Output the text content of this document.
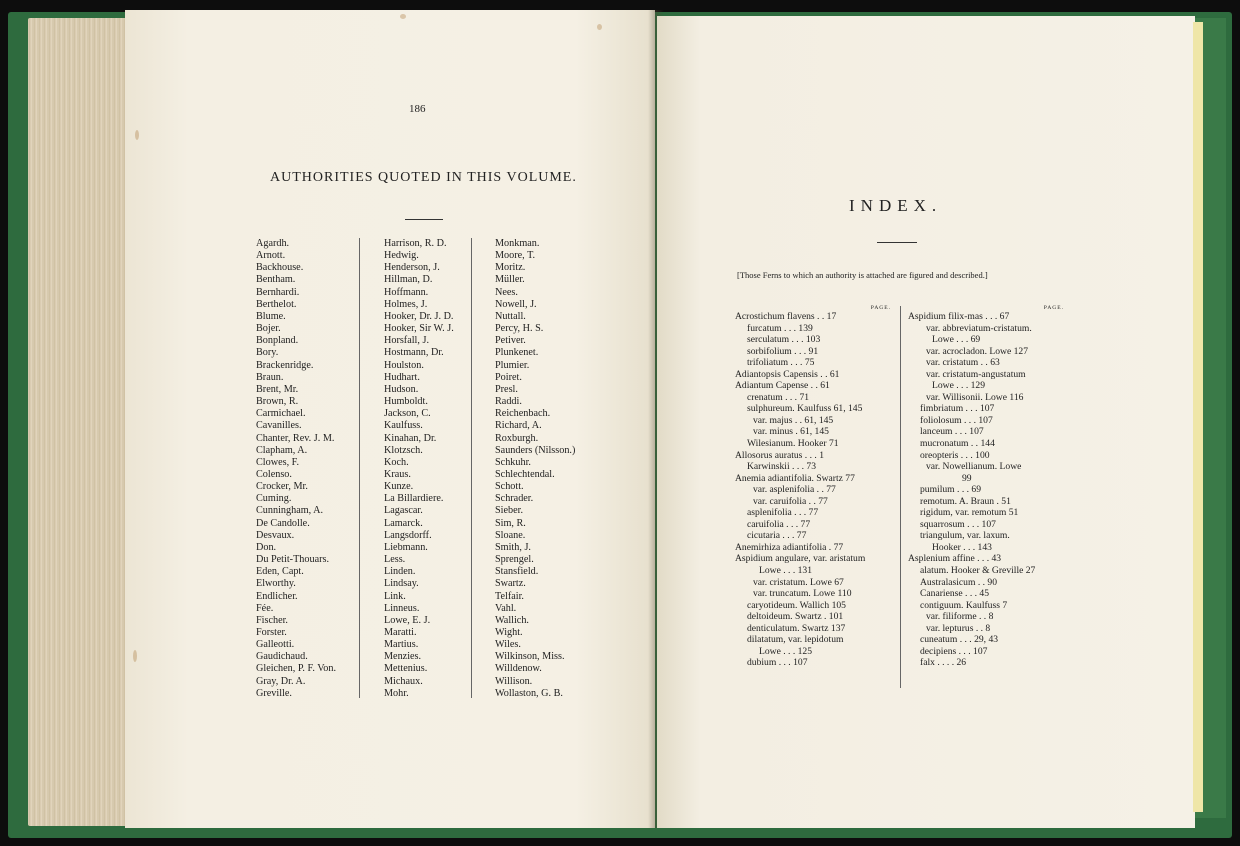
186
AUTHORITIES QUOTED IN THIS VOLUME.
Agardh.
Arnott.
Backhouse.
Bentham.
Bernhardi.
Berthelot.
Blume.
Bojer.
Bonpland.
Bory.
Brackenridge.
Braun.
Brent, Mr.
Brown, R.
Carmichael.
Cavanilles.
Chanter, Rev. J. M.
Clapham, A.
Clowes, F.
Colenso.
Crocker, Mr.
Cuming.
Cunningham, A.
De Candolle.
Desvaux.
Don.
Du Petit-Thouars.
Eden, Capt.
Elworthy.
Endlicher.
Fée.
Fischer.
Forster.
Galleotti.
Gaudichaud.
Gleichen, P. F. Von.
Gray, Dr. A.
Greville.
Harrison, R. D.
Hedwig.
Henderson, J.
Hillman, D.
Hoffmann.
Holmes, J.
Hooker, Dr. J. D.
Hooker, Sir W. J.
Horsfall, J.
Hostmann, Dr.
Houlston.
Hudhart.
Hudson.
Humboldt.
Jackson, C.
Kaulfuss.
Kinahan, Dr.
Klotzsch.
Koch.
Kraus.
Kunze.
La Billardiere.
Lagascar.
Lamarck.
Langsdorff.
Liebmann.
Less.
Linden.
Lindsay.
Link.
Linneus.
Lowe, E. J.
Maratti.
Martius.
Menzies.
Mettenius.
Michaux.
Mohr.
Monkman.
Moore, T.
Moritz.
Müller.
Nees.
Nowell, J.
Nuttall.
Percy, H. S.
Petiver.
Plunkenet.
Plumier.
Poiret.
Presl.
Raddi.
Reichenbach.
Richard, A.
Roxburgh.
Saunders (Nilsson.)
Schkuhr.
Schlechtendal.
Schott.
Schrader.
Sieber.
Sim, R.
Sloane.
Smith, J.
Sprengel.
Stansfield.
Swartz.
Telfair.
Vahl.
Wallich.
Wight.
Wiles.
Wilkinson, Miss.
Willdenow.
Willison.
Wollaston, G. B.
INDEX.
[Those Ferns to which an authority is attached are figured and described.]
PAGE.
Acrostichum flavens . . 17
furcatum . . . 139
serculatum . . . 103
sorbifolium . . . 91
trifoliatum . . . 75
Adiantopsis Capensis . . 61
Adiantum Capense . . 61
crenatum . . . 71
sulphureum. Kaulfuss 61, 145
var. majus . . 61, 145
var. minus . 61, 145
Wilesianum. Hooker 71
Allosorus auratus . . . 1
Karwinskii . . . 73
Anemia adiantifolia. Swartz 77
var. asplenifolia . . 77
var. caruifolia . . 77
asplenifolia . . . 77
caruifolia . . . 77
cicutaria . . . 77
Anemirhiza adiantifolia . 77
Aspidium angulare, var. aristatum
Lowe . . . 131
var. cristatum. Lowe 67
var. truncatum. Lowe 110
caryotideum. Wallich 105
deltoideum. Swartz . 101
denticulatum. Swartz 137
dilatatum, var. lepidotum
Lowe . . . 125
dubium . . . 107
PAGE.
Aspidium filix-mas . . . 67
var. abbreviatum-cristatum.
Lowe . . . 69
var. acrocladon. Lowe 127
var. cristatum . . 63
var. cristatum-angustatum
Lowe . . . 129
var. Willisonii. Lowe 116
fimbriatum . . . 107
foliolosum . . . 107
lanceum . . . 107
mucronatum . . 144
oreopteris . . . 100
var. Nowellianum. Lowe
99
pumilum . . . 69
remotum. A. Braun . 51
rigidum, var. remotum 51
squarrosum . . . 107
triangulum, var. laxum.
Hooker . . . 143
Asplenium affine . . . 43
alatum. Hooker & Greville 27
Australasicum . . 90
Canariense . . . 45
contiguum. Kaulfuss 7
var. filiforme . . 8
var. lepturus . . 8
cuneatum . . . 29, 43
decipiens . . . 107
falx . . . . 26
